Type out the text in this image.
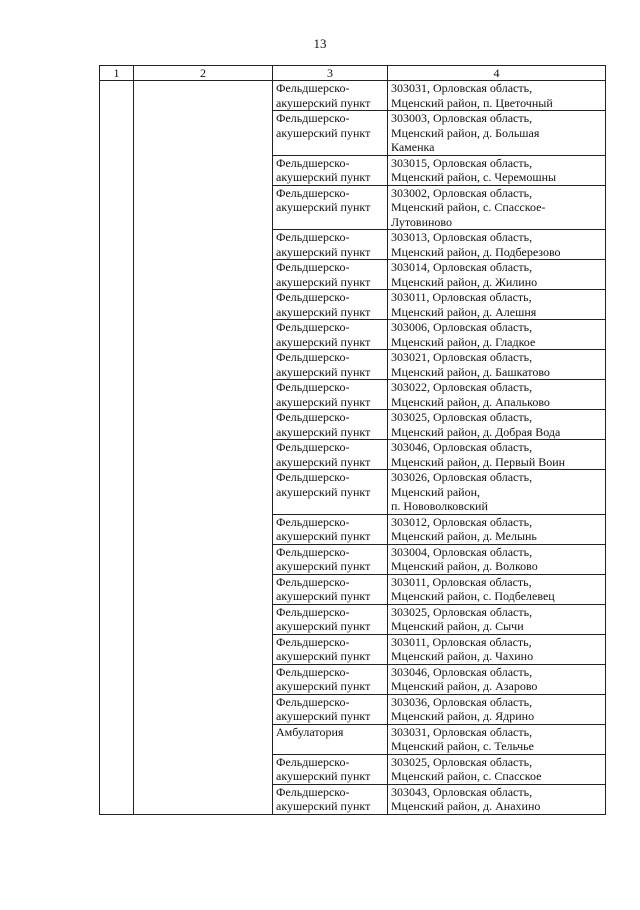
13
1	2	3	4

		Фельдшерско-
акушерский пункт	303031, Орловская область,
Мценский район, п. Цветочный

		Фельдшерско-
акушерский пункт	303003, Орловская область,
Мценский район, д. Большая
Каменка

		Фельдшерско-
акушерский пункт	303015, Орловская область,
Мценский район, с. Черемошны

		Фельдшерско-
акушерский пункт	303002, Орловская область,
Мценский район, с. Спасское-
Лутовиново

		Фельдшерско-
акушерский пункт	303013, Орловская область,
Мценский район, д. Подберезово

		Фельдшерско-
акушерский пункт	303014, Орловская область,
Мценский район, д. Жилино

		Фельдшерско-
акушерский пункт	303011, Орловская область,
Мценский район, д. Алешня

		Фельдшерско-
акушерский пункт	303006, Орловская область,
Мценский район, д. Гладкое

		Фельдшерско-
акушерский пункт	303021, Орловская область,
Мценский район, д. Башкатово

		Фельдшерско-
акушерский пункт	303022, Орловская область,
Мценский район, д. Апальково

		Фельдшерско-
акушерский пункт	303025, Орловская область,
Мценский район, д. Добрая Вода

		Фельдшерско-
акушерский пункт	303046, Орловская область,
Мценский район, д. Первый Воин

		Фельдшерско-
акушерский пункт	303026, Орловская область,
Мценский район,
п. Нововолковский

		Фельдшерско-
акушерский пункт	303012, Орловская область,
Мценский район, д. Мелынь

		Фельдшерско-
акушерский пункт	303004, Орловская область,
Мценский район, д. Волково

		Фельдшерско-
акушерский пункт	303011, Орловская область,
Мценский район, с. Подбелевец

		Фельдшерско-
акушерский пункт	303025, Орловская область,
Мценский район, д. Сычи

		Фельдшерско-
акушерский пункт	303011, Орловская область,
Мценский район, д. Чахино

		Фельдшерско-
акушерский пункт	303046, Орловская область,
Мценский район, д. Азарово

		Фельдшерско-
акушерский пункт	303036, Орловская область,
Мценский район, д. Ядрино

		Амбулатория	303031, Орловская область,
Мценский район, с. Тельчье

		Фельдшерско-
акушерский пункт	303025, Орловская область,
Мценский район, с. Спасское

		Фельдшерско-
акушерский пункт	303043, Орловская область,
Мценский район, д. Анахино
